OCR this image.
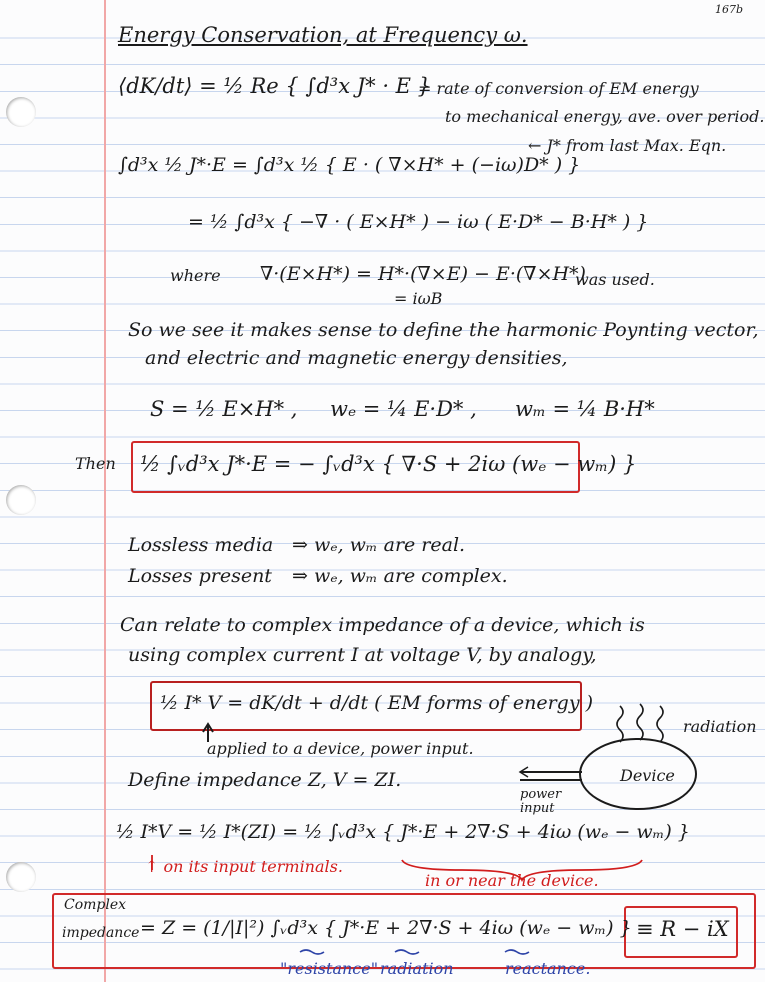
167b
Energy Conservation, at Frequency ω.
⟨dK/dt⟩ = ½ Re { ∫d³x J* · E }
= rate of conversion of EM energy
to mechanical energy, ave. over period.
← J* from last Max. Eqn.
∫d³x ½ J*·E = ∫d³x ½ { E · ( ∇×H* + (−iω)D* ) }
= ½ ∫d³x { −∇ · ( E×H* ) − iω ( E·D* − B·H* ) }
where ∇·(E×H*) = H*·(∇×E) − E·(∇×H*)
= iωB
was used.
So we see it makes sense to define the harmonic Poynting vector,
and electric and magnetic energy densities,
S = ½ E×H* , wₑ = ¼ E·D* , wₘ = ¼ B·H*
Then ½ ∫ᵥd³x J*·E = − ∫ᵥd³x { ∇·S + 2iω (wₑ − wₘ) }
Lossless media ⇒ wₑ, wₘ are real.
Losses present ⇒ wₑ, wₘ are complex.
Can relate to complex impedance of a device, which is
using complex current I at voltage V, by analogy,
½ I* V = dK/dt + d/dt ( EM forms of energy )
applied to a device, power input.
radiation
Device
power input
Define impedance Z, V = ZI.
½ I*V = ½ I*(ZI) = ½ ∫ᵥd³x { J*·E + 2∇·S + 4iω (wₑ − wₘ) }
↑ on its input terminals.
in or near the device.
Complex
impedance = Z = (1/|I|²) ∫ᵥd³x { J*·E + 2∇·S + 4iω (wₑ − wₘ) } ≡ R − iX
"resistance" radiation	reactance.
